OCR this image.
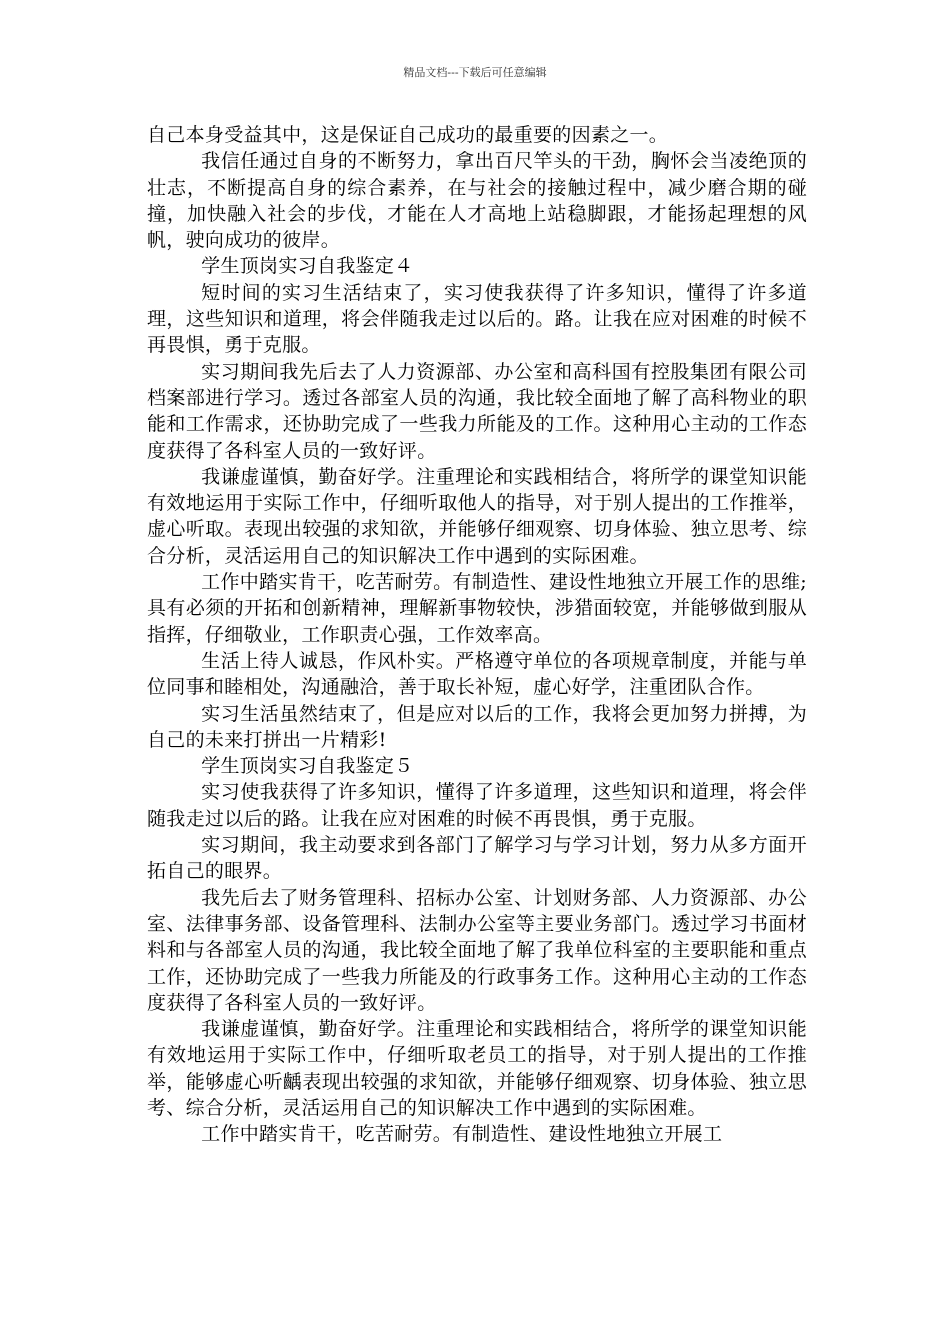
精品文档---下载后可任意编辑

自己本身受益其中，这是保证自己成功的最重要的因素之一。

我信任通过自身的不断努力，拿出百尺竿头的干劲，胸怀会当凌绝顶的壮志，不断提高自身的综合素养，在与社会的接触过程中，减少磨合期的碰撞，加快融入社会的步伐，才能在人才高地上站稳脚跟，才能扬起理想的风帆，驶向成功的彼岸。

学生顶岗实习自我鉴定４

短时间的实习生活结束了，实习使我获得了许多知识，懂得了许多道理，这些知识和道理，将会伴随我走过以后的。路。让我在应对困难的时候不再畏惧，勇于克服。

实习期间我先后去了人力资源部、办公室和高科国有控股集团有限公司档案部进行学习。透过各部室人员的沟通，我比较全面地了解了高科物业的职能和工作需求，还协助完成了一些我力所能及的工作。这种用心主动的工作态度获得了各科室人员的一致好评。

我谦虚谨慎，勤奋好学。注重理论和实践相结合，将所学的课堂知识能有效地运用于实际工作中，仔细听取他人的指导，对于别人提出的工作推举，虚心听取。表现出较强的求知欲，并能够仔细观察、切身体验、独立思考、综合分析，灵活运用自己的知识解决工作中遇到的实际困难。

工作中踏实肯干，吃苦耐劳。有制造性、建设性地独立开展工作的思维;具有必须的开拓和创新精神，理解新事物较快，涉猎面较宽，并能够做到服从指挥，仔细敬业，工作职责心强，工作效率高。

生活上待人诚恳，作风朴实。严格遵守单位的各项规章制度，并能与单位同事和睦相处，沟通融洽，善于取长补短，虚心好学，注重团队合作。

实习生活虽然结束了，但是应对以后的工作，我将会更加努力拼搏，为自己的未来打拼出一片精彩!

学生顶岗实习自我鉴定５

实习使我获得了许多知识，懂得了许多道理，这些知识和道理，将会伴随我走过以后的路。让我在应对困难的时候不再畏惧，勇于克服。

实习期间，我主动要求到各部门了解学习与学习计划，努力从多方面开拓自己的眼界。

我先后去了财务管理科、招标办公室、计划财务部、人力资源部、办公室、法律事务部、设备管理科、法制办公室等主要业务部门。透过学习书面材料和与各部室人员的沟通，我比较全面地了解了我单位科室的主要职能和重点工作，还协助完成了一些我力所能及的行政事务工作。这种用心主动的工作态度获得了各科室人员的一致好评。

我谦虚谨慎，勤奋好学。注重理论和实践相结合，将所学的课堂知识能有效地运用于实际工作中，仔细听取老员工的指导，对于别人提出的工作推举，能够虚心听齲表现出较强的求知欲，并能够仔细观察、切身体验、独立思考、综合分析，灵活运用自己的知识解决工作中遇到的实际困难。

工作中踏实肯干，吃苦耐劳。有制造性、建设性地独立开展工
